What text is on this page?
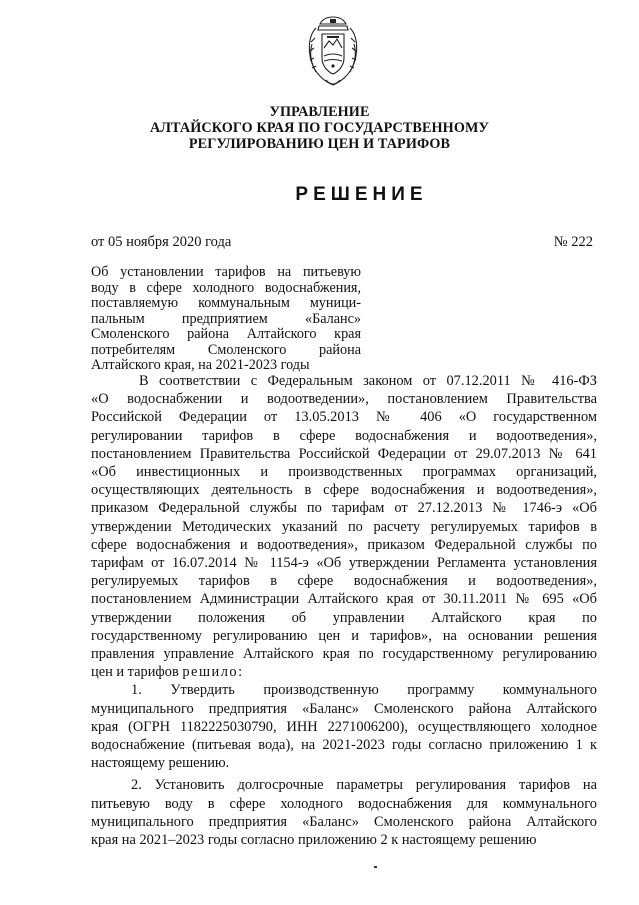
УПРАВЛЕНИЕ
АЛТАЙСКОГО КРАЯ ПО ГОСУДАРСТВЕННОМУ
РЕГУЛИРОВАНИЮ ЦЕН И ТАРИФОВ
РЕШЕНИЕ
от 05 ноября 2020 года	№ 222
Об установлении тарифов на питьевую
воду в сфере холодного водоснабжения,
поставляемую коммунальным муници-
пальным предприятием «Баланс»
Смоленского района Алтайского края
потребителям Смоленского района
Алтайского края, на 2021-2023 годы
В соответствии с Федеральным законом от 07.12.2011 № 416-ФЗ
«О водоснабжении и водоотведении», постановлением Правительства
Российской Федерации от 13.05.2013 № 406 «О государственном
регулировании тарифов в сфере водоснабжения и водоотведения»,
постановлением Правительства Российской Федерации от 29.07.2013 № 641
«Об инвестиционных и производственных программах организаций,
осуществляющих деятельность в сфере водоснабжения и водоотведения»,
приказом Федеральной службы по тарифам от 27.12.2013 № 1746-э «Об
утверждении Методических указаний по расчету регулируемых тарифов в
сфере водоснабжения и водоотведения», приказом Федеральной службы по
тарифам от 16.07.2014 № 1154-э «Об утверждении Регламента установления
регулируемых тарифов в сфере водоснабжения и водоотведения»,
постановлением Администрации Алтайского края от 30.11.2011 № 695 «Об
утверждении положения об управлении Алтайского края по
государственному регулированию цен и тарифов», на основании решения
правления управление Алтайского края по государственному регулированию
цен и тарифов решило:
1. Утвердить производственную программу коммунального
муниципального предприятия «Баланс» Смоленского района Алтайского
края (ОГРН 1182225030790, ИНН 2271006200), осуществляющего холодное
водоснабжение (питьевая вода), на 2021-2023 годы согласно приложению 1 к
настоящему решению.
2. Установить долгосрочные параметры регулирования тарифов на
питьевую воду в сфере холодного водоснабжения для коммунального
муниципального предприятия «Баланс» Смоленского района Алтайского
края на 2021–2023 годы согласно приложению 2 к настоящему решению
